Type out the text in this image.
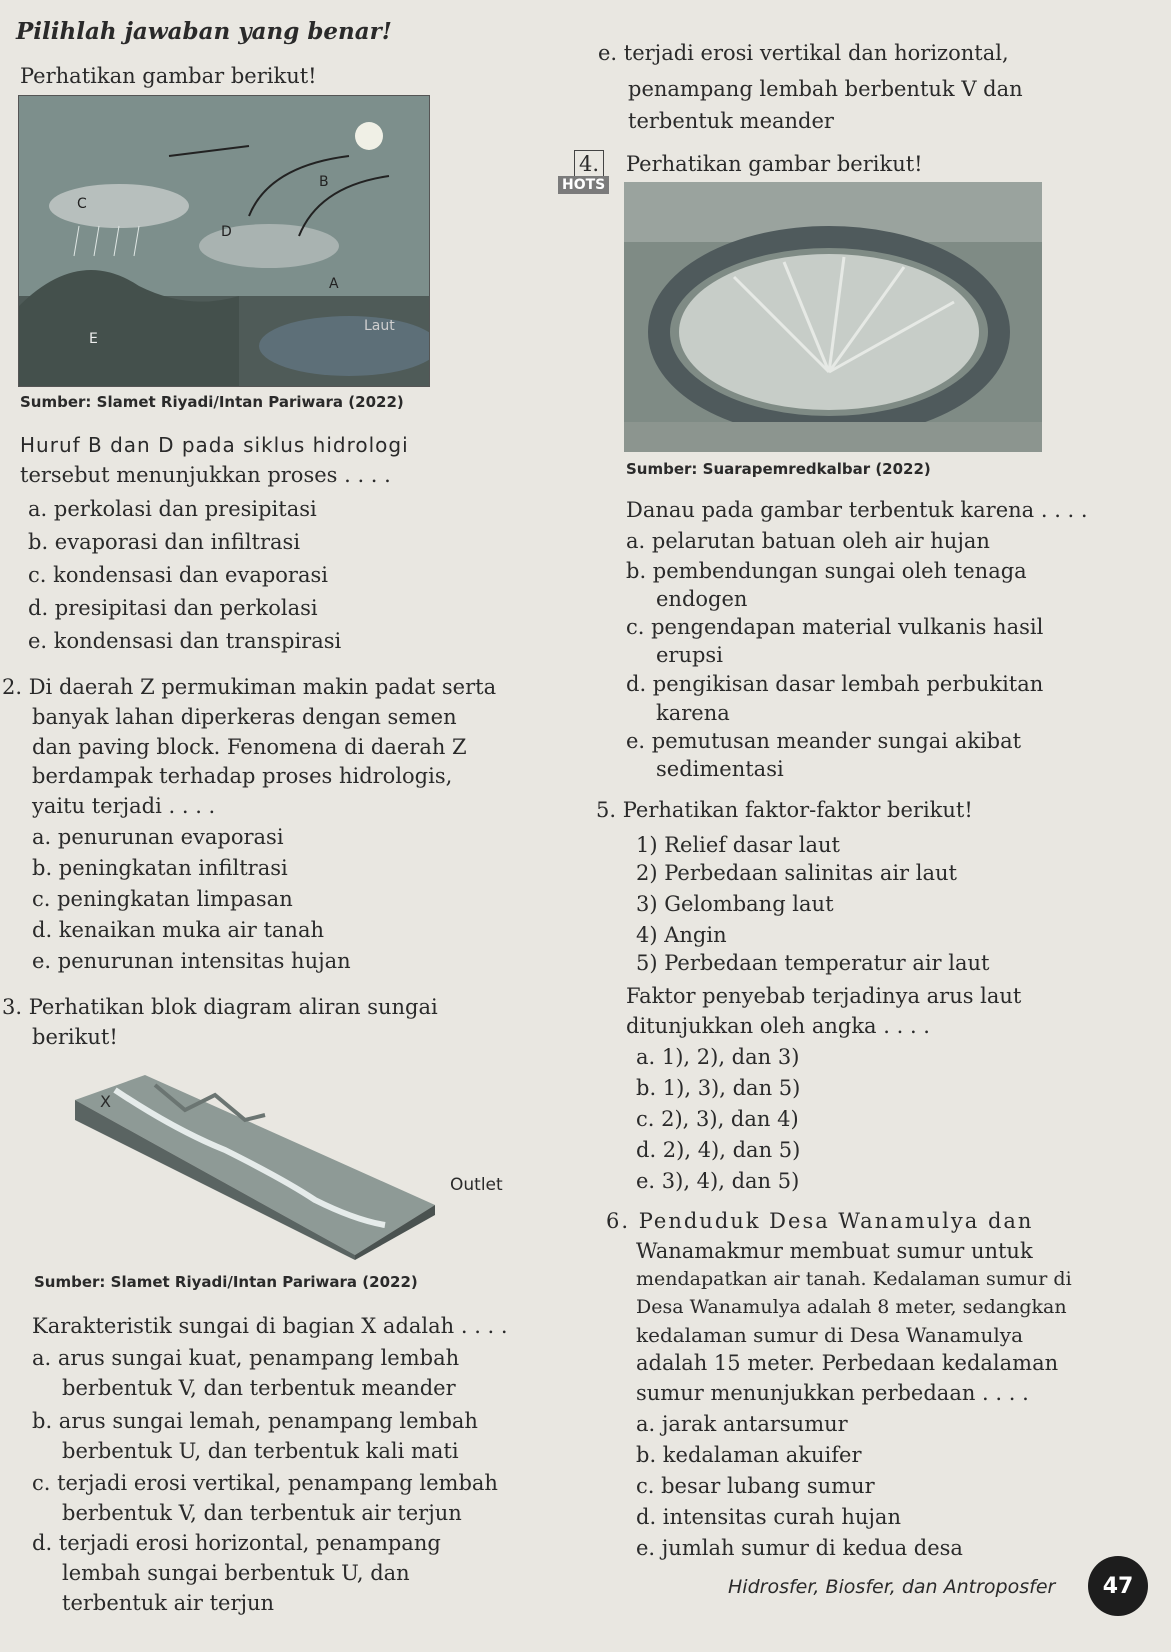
Pilihlah jawaban yang benar!
Perhatikan gambar berikut!
A
B
C
D
E
Laut
Sumber: Slamet Riyadi/Intan Pariwara (2022)
Huruf B dan D pada siklus hidrologi
tersebut menunjukkan proses . . . .
a. perkolasi dan presipitasi
b. evaporasi dan infiltrasi
c. kondensasi dan evaporasi
d. presipitasi dan perkolasi
e. kondensasi dan transpirasi
2. Di daerah Z permukiman makin padat serta
banyak lahan diperkeras dengan semen
dan paving block. Fenomena di daerah Z
berdampak terhadap proses hidrologis,
yaitu terjadi . . . .
a. penurunan evaporasi
b. peningkatan infiltrasi
c. peningkatan limpasan
d. kenaikan muka air tanah
e. penurunan intensitas hujan
3. Perhatikan blok diagram aliran sungai
berikut!
X
Outlet
Sumber: Slamet Riyadi/Intan Pariwara (2022)
Karakteristik sungai di bagian X adalah . . . .
a. arus sungai kuat, penampang lembah
berbentuk V, dan terbentuk meander
b. arus sungai lemah, penampang lembah
berbentuk U, dan terbentuk kali mati
c. terjadi erosi vertikal, penampang lembah
berbentuk V, dan terbentuk air terjun
d. terjadi erosi horizontal, penampang
lembah sungai berbentuk U, dan
terbentuk air terjun
e. terjadi erosi vertikal dan horizontal,
penampang lembah berbentuk V dan
terbentuk meander
4.
HOTS
Perhatikan gambar berikut!
Sumber: Suarapemredkalbar (2022)
Danau pada gambar terbentuk karena . . . .
a. pelarutan batuan oleh air hujan
b. pembendungan sungai oleh tenaga
endogen
c. pengendapan material vulkanis hasil
erupsi
d. pengikisan dasar lembah perbukitan
karena
e. pemutusan meander sungai akibat
sedimentasi
5. Perhatikan faktor-faktor berikut!
1) Relief dasar laut
2) Perbedaan salinitas air laut
3) Gelombang laut
4) Angin
5) Perbedaan temperatur air laut
Faktor penyebab terjadinya arus laut
ditunjukkan oleh angka . . . .
a. 1), 2), dan 3)
b. 1), 3), dan 5)
c. 2), 3), dan 4)
d. 2), 4), dan 5)
e. 3), 4), dan 5)
6. Penduduk Desa Wanamulya dan
Wanamakmur membuat sumur untuk
mendapatkan air tanah. Kedalaman sumur di
Desa Wanamulya adalah 8 meter, sedangkan
kedalaman sumur di Desa Wanamulya
adalah 15 meter. Perbedaan kedalaman
sumur menunjukkan perbedaan . . . .
a. jarak antarsumur
b. kedalaman akuifer
c. besar lubang sumur
d. intensitas curah hujan
e. jumlah sumur di kedua desa
Hidrosfer, Biosfer, dan Antroposfer	47
